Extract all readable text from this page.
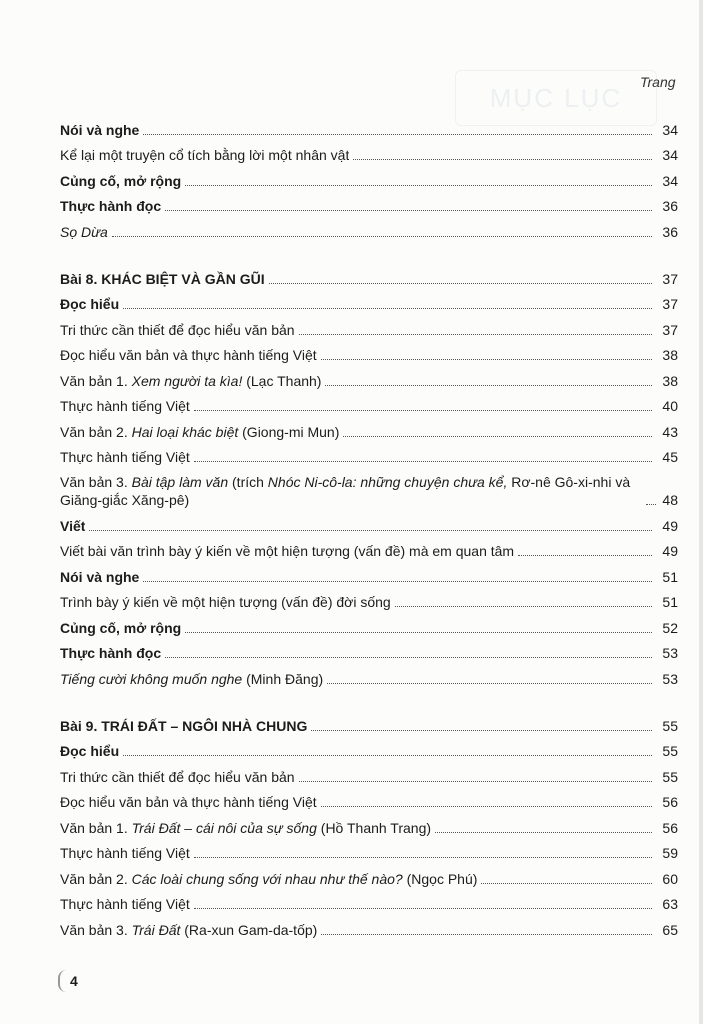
MỤC LỤC
Trang
Nói và nghe	34
Kể lại một truyện cổ tích bằng lời một nhân vật	34
Củng cố, mở rộng	34
Thực hành đọc	36
Sọ Dừa	36
Bài 8. KHÁC BIỆT VÀ GẦN GŨI	37
Đọc hiểu	37
Tri thức cần thiết để đọc hiểu văn bản	37
Đọc hiểu văn bản và thực hành tiếng Việt	38
Văn bản 1. Xem người ta kìa! (Lạc Thanh)	38
Thực hành tiếng Việt	40
Văn bản 2. Hai loại khác biệt (Giong-mi Mun)	43
Thực hành tiếng Việt	45
Văn bản 3. Bài tập làm văn (trích Nhóc Ni-cô-la: những chuyện chưa kể, Rơ-nê Gô-xi-nhi và Giăng-giắc Xăng-pê)	48
Viết	49
Viết bài văn trình bày ý kiến về một hiện tượng (vấn đề) mà em quan tâm	49
Nói và nghe	51
Trình bày ý kiến về một hiện tượng (vấn đề) đời sống	51
Củng cố, mở rộng	52
Thực hành đọc	53
Tiếng cười không muốn nghe (Minh Đăng)	53
Bài 9. TRÁI ĐẤT – NGÔI NHÀ CHUNG	55
Đọc hiểu	55
Tri thức cần thiết để đọc hiểu văn bản	55
Đọc hiểu văn bản và thực hành tiếng Việt	56
Văn bản 1. Trái Đất – cái nôi của sự sống (Hồ Thanh Trang)	56
Thực hành tiếng Việt	59
Văn bản 2. Các loài chung sống với nhau như thế nào? (Ngọc Phú)	60
Thực hành tiếng Việt	63
Văn bản 3. Trái Đất (Ra-xun Gam-da-tốp)	65
4
